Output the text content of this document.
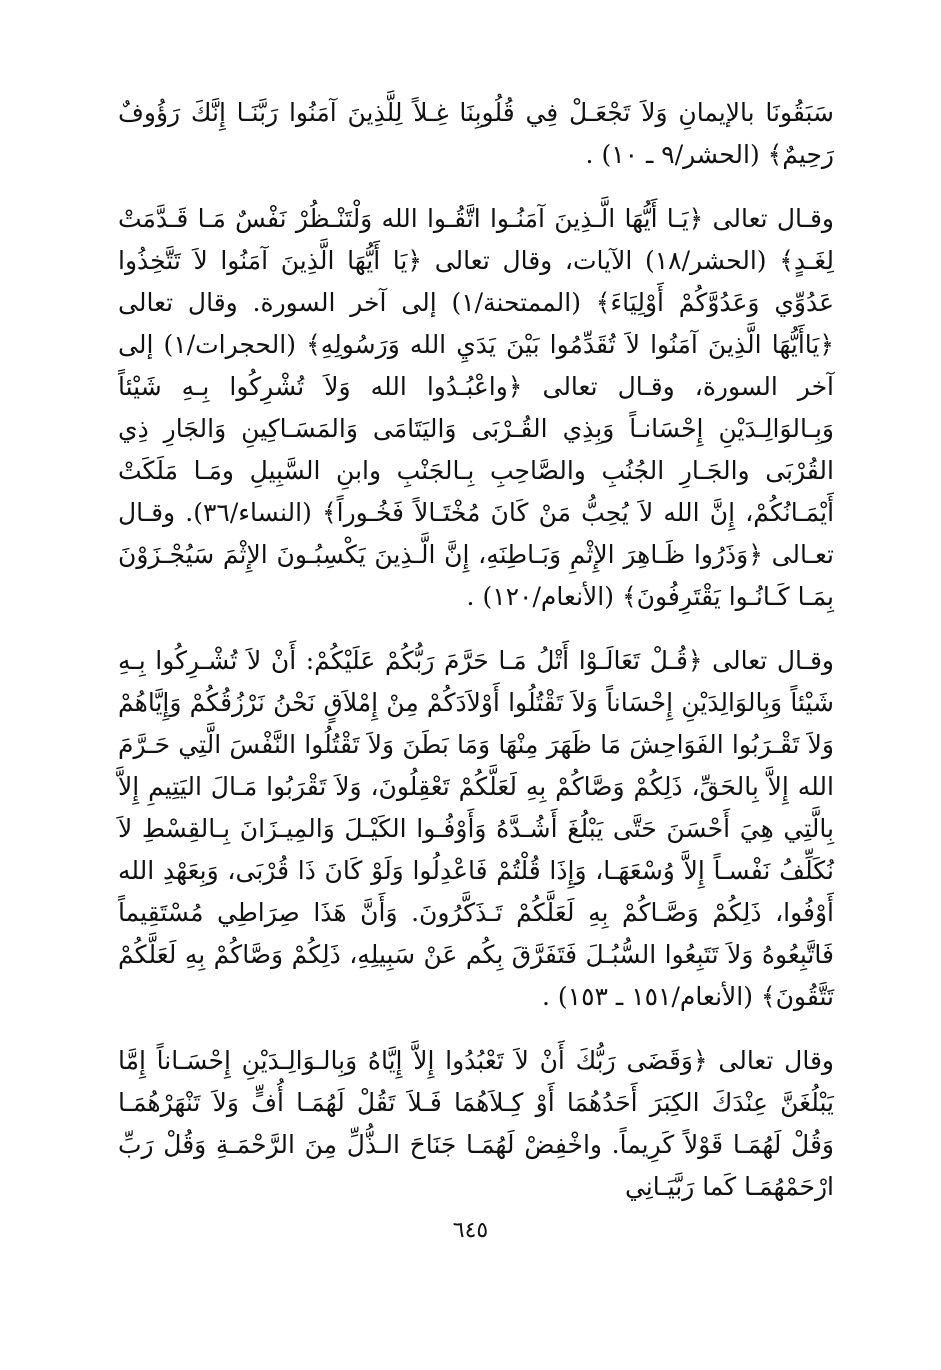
سَبَقُونَا بالإيمانِ وَلاَ تَجْعَـلْ فِي قُلُوبِنَا غِـلاً لِلَّذِينَ آمَنُوا رَبَّنَـا إِنَّكَ رَؤُوفٌ رَحِيمٌ﴾ (الحشر/٩ ـ ١٠) .

وقـال تعالى ﴿يَـا أَيُّهَا الَّـذِينَ آمَنُـوا اتَّقُـوا الله وَلْتَنْـظُرْ نَفْسٌ مَـا قَـدَّمَتْ لِغَـدٍ﴾ (الحشر/١٨) الآيات، وقال تعالى ﴿يَا أَيُّهَا الَّذِينَ آمَنُوا لاَ تَتَّخِذُوا عَدُوِّي وَعَدُوَّكُمْ أَوْلِيَاءَ﴾ (الممتحنة/١) إلى آخر السورة. وقال تعالى ﴿يَاأَيُّهَا الَّذِينَ آمَنُوا لاَ تُقَدِّمُوا بَيْنَ يَدَيِ الله وَرَسُولِهِ﴾ (الحجرات/١) إلى آخر السورة، وقـال تعالى ﴿واعْبُـدُوا الله وَلاَ تُشْرِكُوا بِـهِ شَيْئاً وَبِـالوَالِـدَيْنِ إِحْسَانـاً وَبِذِي القُـرْبَى وَاليَتَامَى وَالمَسَـاكِينِ وَالجَارِ ذِي القُرْبَى والجَـارِ الجُنُبِ والصَّاحِبِ بِـالجَنْبِ وابنِ السَّبِيلِ ومَـا مَلَكَتْ أَيْمَـانُكُمْ، إِنَّ الله لاَ يُحِبُّ مَنْ كَانَ مُخْتَـالاً فَخُـوراً﴾ (النساء/٣٦). وقـال تعـالى ﴿وَذَرُوا ظَـاهِرَ الإِثْمِ وَبَـاطِنَهِ، إِنَّ الَّـذِينَ يَكْسِبُـونَ الإِثْمَ سَيُجْـزَوْنَ بِمَـا كَـانُـوا يَقْتَرِفُونَ﴾ (الأنعام/١٢٠) .

وقـال تعالى ﴿قُـلْ تَعَالَـوْا أَتْلُ مَـا حَرَّمَ رَبُّكُمْ عَلَيْكُمْ: أَنْ لاَ تُشْـرِكُوا بِـهِ شَيْئاً وَبِالوَالِدَيْنِ إِحْسَاناً وَلاَ تَقْتُلُوا أَوْلاَدَكُمْ مِنْ إِمْلاَقٍ نَحْنُ نَرْزُقُكُمْ وَإِيَّاهُمْ وَلاَ تَقْـرَبُوا الفَوَاحِشَ مَا ظَهَرَ مِنْهَا وَمَا بَطَنَ وَلاَ تَقْتُلُوا النَّفْسَ الَّتِي حَـرَّمَ الله إِلاَّ بِالحَقِّ، ذَلِكُمْ وَصَّاكُمْ بِهِ لَعَلَّكُمْ تَعْقِلُونَ، وَلاَ تَقْرَبُوا مَـالَ اليَتِيمِ إِلاَّ بِالَّتِي هِيَ أَحْسَنَ حَتَّى يَبْلُغَ أَشُـدَّهُ وَأَوْفُـوا الكَيْـلَ وَالمِيـزَانَ بِـالقِسْطِ لاَ نُكَلِّفُ نَفْسـاً إِلاَّ وُسْعَهَـا، وَإِذَا قُلْتُمْ فَاعْدِلُوا وَلَوْ كَانَ ذَا قُرْبَى، وَبِعَهْدِ الله أَوْفُوا، ذَلِكُمْ وَصَّـاكُمْ بِهِ لَعَلَّكُمْ تَـذَكَّرُونَ. وَأَنَّ هَذَا صِرَاطِي مُسْتَقِيماً فَاتَّبِعُوهُ وَلاَ تَتَبِعُوا السُّبُـلَ فَتَفَرَّقَ بِكُم عَنْ سَبِيلِهِ، ذَلِكُمْ وَصَّاكُمْ بِهِ لَعَلَّكُمْ تَتَّقُونَ﴾ (الأنعام/١٥١ ـ ١٥٣) .

وقال تعالى ﴿وَقَضَى رَبُّكَ أَنْ لاَ تَعْبُدُوا إِلاَّ إِيَّاهُ وَبِالـوَالِـدَيْنِ إِحْسَـاناً إِمَّا يَبْلُغَنَّ عِنْدَكَ الكِبَرَ أَحَدُهُمَا أَوْ كِـلاَهُمَا فَـلاَ تَقُلْ لَهُمَـا أُفٍّ وَلاَ تَنْهَرْهُمَـا وَقُلْ لَهُمَـا قَوْلاً كَرِيماً. واخْفِضْ لَهُمَـا جَنَاحَ الـذُّلِّ مِنَ الرَّحْمَـةِ وَقُلْ رَبِّ ارْحَمْهُمَـا كَما رَبَّيَـانِي

٦٤٥
